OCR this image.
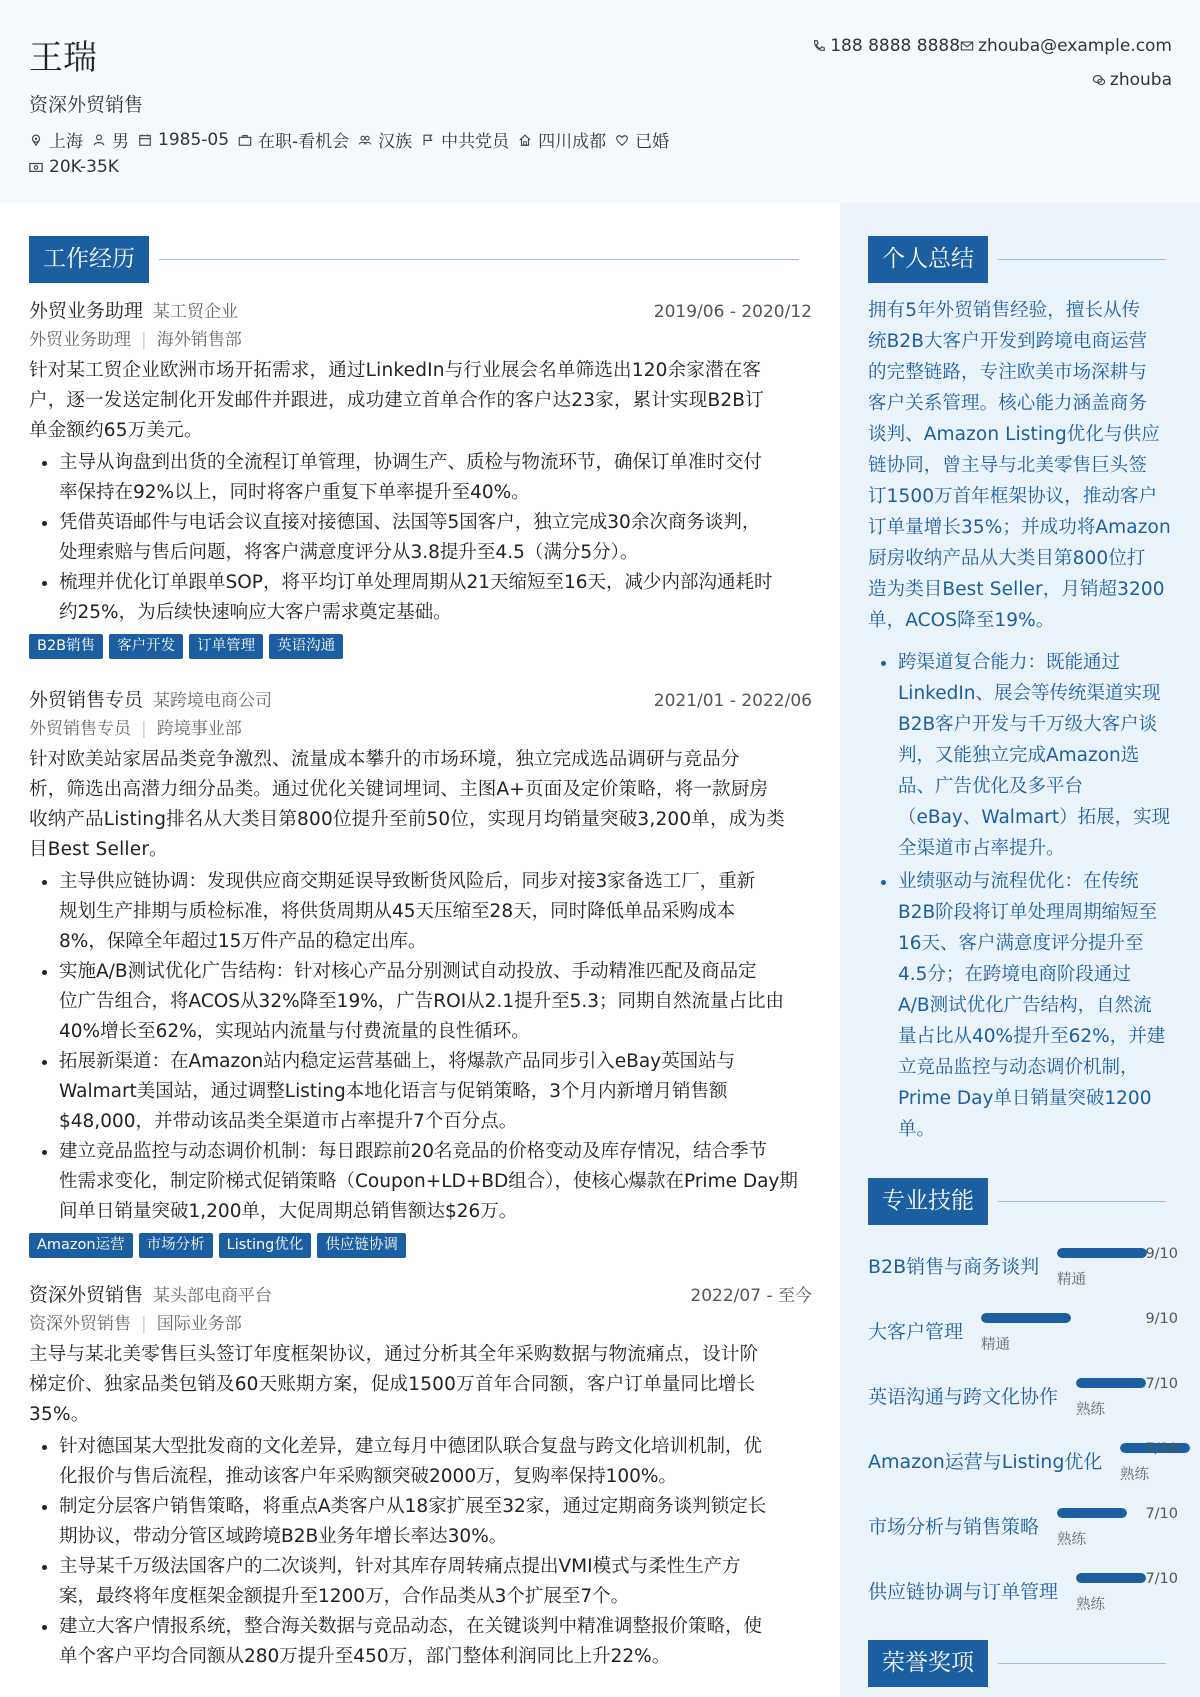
王瑞
资深外贸销售
上海 男 1985-05 在职-看机会 汉族 中共党员 四川成都 已婚
20K-35K
188 8888 8888 zhouba@example.com
zhouba
工作经历
外贸业务助理 某工贸企业	2019/06 - 2020/12
外贸业务助理 | 海外销售部

针对某工贸企业欧洲市场开拓需求，通过LinkedIn与行业展会名单筛选出120余家潜在客
户，逐一发送定制化开发邮件并跟进，成功建立首单合作的客户达23家，累计实现B2B订
单金额约65万美元。

• 主导从询盘到出货的全流程订单管理，协调生产、质检与物流环节，确保订单准时交付
率保持在92%以上，同时将客户重复下单率提升至40%。
• 凭借英语邮件与电话会议直接对接德国、法国等5国客户，独立完成30余次商务谈判，
处理索赔与售后问题，将客户满意度评分从3.8提升至4.5（满分5分）。
• 梳理并优化订单跟单SOP，将平均订单处理周期从21天缩短至16天，减少内部沟通耗时
约25%，为后续快速响应大客户需求奠定基础。
B2B销售	客户开发	订单管理	英语沟通
外贸销售专员 某跨境电商公司	2021/01 - 2022/06
外贸销售专员 | 跨境事业部

针对欧美站家居品类竞争激烈、流量成本攀升的市场环境，独立完成选品调研与竞品分
析，筛选出高潜力细分品类。通过优化关键词埋词、主图A+页面及定价策略，将一款厨房
收纳产品Listing排名从大类目第800位提升至前50位，实现月均销量突破3,200单，成为类
目Best Seller。

• 主导供应链协调：发现供应商交期延误导致断货风险后，同步对接3家备选工厂，重新
规划生产排期与质检标准，将供货周期从45天压缩至28天，同时降低单品采购成本
8%，保障全年超过15万件产品的稳定出库。
• 实施A/B测试优化广告结构：针对核心产品分别测试自动投放、手动精准匹配及商品定
位广告组合，将ACOS从32%降至19%，广告ROI从2.1提升至5.3；同期自然流量占比由
40%增长至62%，实现站内流量与付费流量的良性循环。
• 拓展新渠道：在Amazon站内稳定运营基础上，将爆款产品同步引入eBay英国站与
Walmart美国站，通过调整Listing本地化语言与促销策略，3个月内新增月销售额
$48,000，并带动该品类全渠道市占率提升7个百分点。
• 建立竞品监控与动态调价机制：每日跟踪前20名竞品的价格变动及库存情况，结合季节
性需求变化，制定阶梯式促销策略（Coupon+LD+BD组合），使核心爆款在Prime Day期
间单日销量突破1,200单，大促周期总销售额达$26万。
Amazon运营	市场分析	Listing优化	供应链协调
资深外贸销售 某头部电商平台	2022/07 - 至今
资深外贸销售 | 国际业务部

主导与某北美零售巨头签订年度框架协议，通过分析其全年采购数据与物流痛点，设计阶
梯定价、独家品类包销及60天账期方案，促成1500万首年合同额，客户订单量同比增长
35%。

• 针对德国某大型批发商的文化差异，建立每月中德团队联合复盘与跨文化培训机制，优
化报价与售后流程，推动该客户年采购额突破2000万，复购率保持100%。
• 制定分层客户销售策略，将重点A类客户从18家扩展至32家，通过定期商务谈判锁定长
期协议，带动分管区域跨境B2B业务年增长率达30%。
• 主导某千万级法国客户的二次谈判，针对其库存周转痛点提出VMI模式与柔性生产方
案，最终将年度框架金额提升至1200万，合作品类从3个扩展至7个。
• 建立大客户情报系统，整合海关数据与竞品动态，在关键谈判中精准调整报价策略，使
单个客户平均合同额从280万提升至450万，部门整体利润同比上升22%。
个人总结
拥有5年外贸销售经验，擅长从传
统B2B大客户开发到跨境电商运营
的完整链路，专注欧美市场深耕与
客户关系管理。核心能力涵盖商务
谈判、Amazon Listing优化与供应
链协同，曾主导与北美零售巨头签
订1500万首年框架协议，推动客户
订单量增长35%；并成功将Amazon
厨房收纳产品从大类目第800位打
造为类目Best Seller，月销超3200
单，ACOS降至19%。
• 跨渠道复合能力：既能通过
LinkedIn、展会等传统渠道实现
B2B客户开发与千万级大客户谈
判，又能独立完成Amazon选
品、广告优化及多平台
（eBay、Walmart）拓展，实现
全渠道市占率提升。
• 业绩驱动与流程优化：在传统
B2B阶段将订单处理周期缩短至
16天、客户满意度评分提升至
4.5分；在跨境电商阶段通过
A/B测试优化广告结构，自然流
量占比从40%提升至62%，并建
立竞品监控与动态调价机制，
Prime Day单日销量突破1200
单。
专业技能
B2B销售与商务谈判
9/10
精通
大客户管理
9/10
精通
英语沟通与跨文化协作
7/10
熟练
Amazon运营与Listing优化
7/10
熟练
市场分析与销售策略
7/10
熟练
供应链协调与订单管理
7/10
熟练
荣誉奖项
